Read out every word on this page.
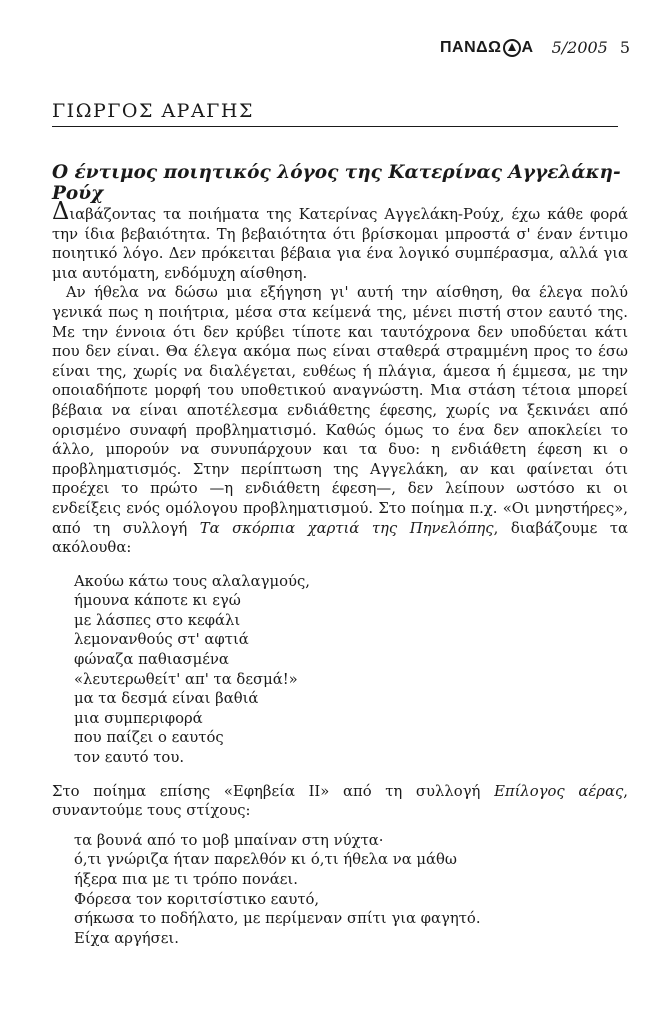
ΠΑΝΔΩ Α 5/2005 5
ΓΙΩΡΓΟΣ ΑΡΑΓΗΣ
Ο έντιμος ποιητικός λόγος της Κατερίνας Αγγελάκη-Ρούχ

Διαβάζοντας τα ποιήματα της Κατερίνας Αγγελάκη-Ρούχ, έχω κάθε φορά την ίδια βεβαιότητα. Τη βεβαιότητα ότι βρίσκομαι μπροστά σ' έναν έντιμο ποιητικό λόγο. Δεν πρόκειται βέβαια για ένα λογικό συμπέρασμα, αλλά για μια αυτόματη, ενδόμυχη αίσθηση.

Αν ήθελα να δώσω μια εξήγηση γι' αυτή την αίσθηση, θα έλεγα πολύ γενικά πως η ποιήτρια, μέσα στα κείμενά της, μένει πιστή στον εαυτό της. Με την έννοια ότι δεν κρύβει τίποτε και ταυτόχρονα δεν υποδύεται κάτι που δεν είναι. Θα έλεγα ακόμα πως είναι σταθερά στραμμένη προς το έσω είναι της, χωρίς να διαλέγεται, ευθέως ή πλάγια, άμεσα ή έμμεσα, με την οποιαδήποτε μορφή του υποθετικού αναγνώστη. Μια στάση τέτοια μπορεί βέβαια να είναι αποτέλεσμα ενδιάθετης έφεσης, χωρίς να ξεκινάει από ορισμένο συναφή προβληματισμό. Καθώς όμως το ένα δεν αποκλείει το άλλο, μπορούν να συνυπάρχουν και τα δυο: η ενδιάθετη έφεση κι ο προβληματισμός. Στην περίπτωση της Αγγελάκη, αν και φαίνεται ότι προέχει το πρώτο —η ενδιάθετη έφεση—, δεν λείπουν ωστόσο κι οι ενδείξεις ενός ομόλογου προβληματισμού. Στο ποίημα π.χ. «Οι μνηστήρες», από τη συλλογή Τα σκόρπια χαρτιά της Πηνελόπης, διαβάζουμε τα ακόλουθα:

Ακούω κάτω τους αλαλαγμούς,
ήμουνα κάποτε κι εγώ
με λάσπες στο κεφάλι
λεμονανθούς στ' αφτιά
φώναζα παθιασμένα
«λευτερωθείτ' απ' τα δεσμά!»
μα τα δεσμά είναι βαθιά
μια συμπεριφορά
που παίζει ο εαυτός
τον εαυτό του.

Στο ποίημα επίσης «Εφηβεία ΙΙ» από τη συλλογή Επίλογος αέρας, συναντούμε τους στίχους:

τα βουνά από το μοβ μπαίναν στη νύχτα·
ό,τι γνώριζα ήταν παρελθόν κι ό,τι ήθελα να μάθω
ήξερα πια με τι τρόπο πονάει.
Φόρεσα τον κοριτσίστικο εαυτό,
σήκωσα το ποδήλατο, με περίμεναν σπίτι για φαγητό.
Είχα αργήσει.
